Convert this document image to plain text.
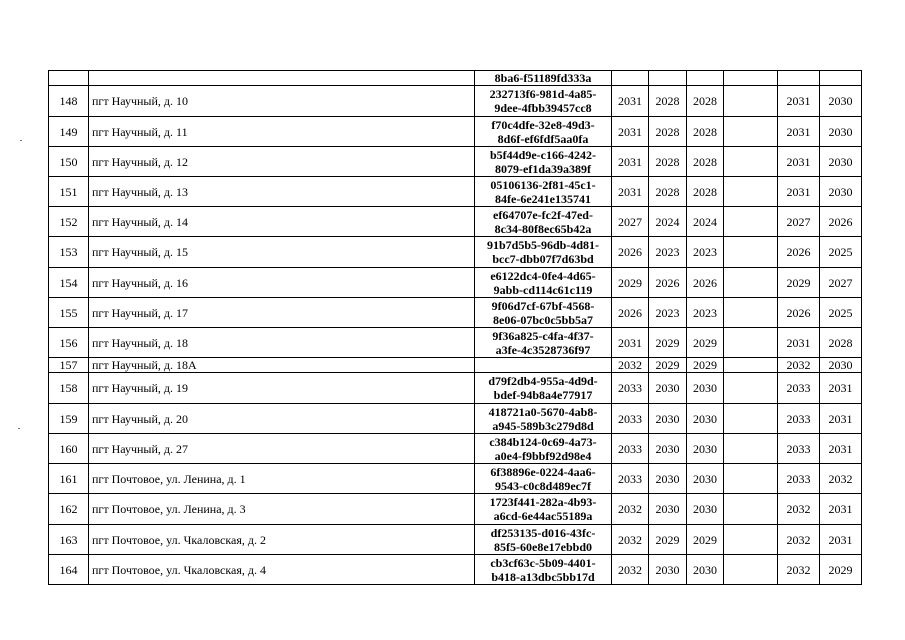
		8ba6-f51189fd333a						

148	пгт Научный, д. 10	232713f6-981d-4a85-
9dee-4fbb39457cc8	2031	2028	2028		2031	2030
149	пгт Научный, д. 11	f70c4dfe-32e8-49d3-
8d6f-ef6fdf5aa0fa	2031	2028	2028		2031	2030
150	пгт Научный, д. 12	b5f44d9e-c166-4242-
8079-ef1da39a389f	2031	2028	2028		2031	2030
151	пгт Научный, д. 13	05106136-2f81-45c1-
84fe-6e241e135741	2031	2028	2028		2031	2030
152	пгт Научный, д. 14	ef64707e-fc2f-47ed-
8c34-80f8ec65b42a	2027	2024	2024		2027	2026
153	пгт Научный, д. 15	91b7d5b5-96db-4d81-
bcc7-dbb07f7d63bd	2026	2023	2023		2026	2025
154	пгт Научный, д. 16	e6122dc4-0fe4-4d65-
9abb-cd114c61c119	2029	2026	2026		2029	2027
155	пгт Научный, д. 17	9f06d7cf-67bf-4568-
8e06-07bc0c5bb5a7	2026	2023	2023		2026	2025
156	пгт Научный, д. 18	9f36a825-c4fa-4f37-
a3fe-4c3528736f97	2031	2029	2029		2031	2028
157	пгт Научный, д. 18А		2032	2029	2029		2032	2030
158	пгт Научный, д. 19	d79f2db4-955a-4d9d-
bdef-94b8a4e77917	2033	2030	2030		2033	2031
159	пгт Научный, д. 20	418721a0-5670-4ab8-
a945-589b3c279d8d	2033	2030	2030		2033	2031
160	пгт Научный, д. 27	c384b124-0c69-4a73-
a0e4-f9bbf92d98e4	2033	2030	2030		2033	2031
161	пгт Почтовое, ул. Ленина, д. 1	6f38896e-0224-4aa6-
9543-c0c8d489ec7f	2033	2030	2030		2033	2032
162	пгт Почтовое, ул. Ленина, д. 3	1723f441-282a-4b93-
a6cd-6e44ac55189a	2032	2030	2030		2032	2031
163	пгт Почтовое, ул. Чкаловская, д. 2	df253135-d016-43fc-
85f5-60e8e17ebbd0	2032	2029	2029		2032	2031
164	пгт Почтовое, ул. Чкаловская, д. 4	cb3cf63c-5b09-4401-
b418-a13dbc5bb17d	2032	2030	2030		2032	2029
